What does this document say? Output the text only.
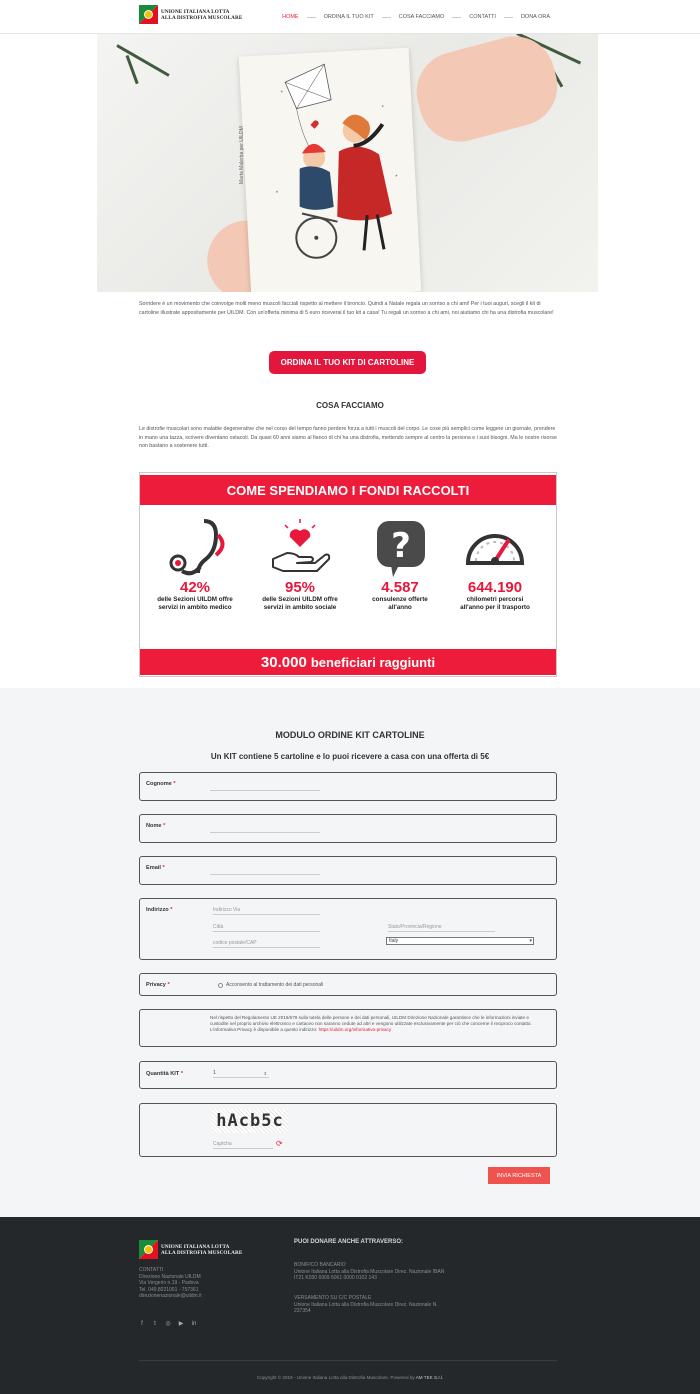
UNIONE ITALIANA LOTTA
ALLA DISTROFIA MUSCOLARE	HOME	ORDINA IL TUO KIT	COSA FACCIAMO	CONTATTI	DONA ORA
*
*
*
*
Marta Malerba per UILDM
Sorridere è un movimento che coinvolge molti meno muscoli facciali rispetto al mettere il broncio. Quindi a Natale regala un sorriso a chi ami! Per i tuoi auguri, scegli il kit di cartoline illustrate appositamente per UILDM. Con un'offerta minima di 5 euro riceverai il tuo kit a casa! Tu regali un sorriso a chi ami, noi aiutiamo chi ha una distrofia muscolare!
ORDINA IL TUO KIT DI CARTOLINE
COSA FACCIAMO
Le distrofie muscolari sono malattie degenerative che nel corso del tempo fanno perdere forza a tutti i muscoli del corpo. Le cose più semplici come leggere un giornale, prendere in mano una tazza, scrivere diventano ostacoli. Da quasi 60 anni siamo al fianco di chi ha una distrofia, mettendo sempre al centro la persona e i suoi bisogni. Ma le nostre risorse non bastano a sostenere tutti.
COME SPENDIAMO I FONDI RACCOLTI
42%
delle Sezioni UILDM offre
servizi in ambito medico
95%
delle Sezioni UILDM offre
servizi in ambito sociale
?
4.587
consulenze offerte
all'anno
644.190
chilometri percorsi
all'anno per il trasporto
30.000 beneficiari raggiunti
MODULO ORDINE KIT CARTOLINE
Un KIT contiene 5 cartoline e lo puoi ricevere a casa con una offerta di 5€
Cognome *
Nome *
Email *
Indirizzo *	Indirizzo Via
Città	Stato/Provincia/Regione
codice postale/CAP	Italy	▾
Privacy *	Acconsento al trattamento dei dati personali
Nel rispetto del Regolamento UE 2016/679 sulla tutela delle persone e dei dati personali, UILDM Direzione Nazionale garantisce che le informazioni inviate e custodite nel proprio archivio elettronico e cartaceo non saranno cedute ad altri e vengono utilizzate esclusivamente per ciò che concerne il reciproco contatto. L'informativa Privacy è disponibile a questo indirizzo: https://uildm.org/informativa-privacy
Quantità KIT *	1	⇕
hAcb5c
Captcha	⟳
INVIA RICHIESTA
UNIONE ITALIANA LOTTA
ALLA DISTROFIA MUSCOLARE
CONTATTI
Direzione Nazionale UILDM
Via Vergerio n.19 - Padova
Tel. 049.8021001 - 757361
direzionenazionale@uildm.it
f	t	◎ ▶ in
PUOI DONARE ANCHE ATTRAVERSO:
BONIFICO BANCARIO
Unione Italiana Lotta alla Distrofia Muscolare Direz. Nazionale IBAN
IT21 K030 6909 6061 0000 0102 143
VERSAMENTO SU C/C POSTALE
Unione Italiana Lotta alla Distrofia Muscolare Direz. Nazionale N.
237354
Copyright © 2019 - Unione Italiana Lotta alla Distrofia Muscolare. Powered by AM TEK S.r.l.
